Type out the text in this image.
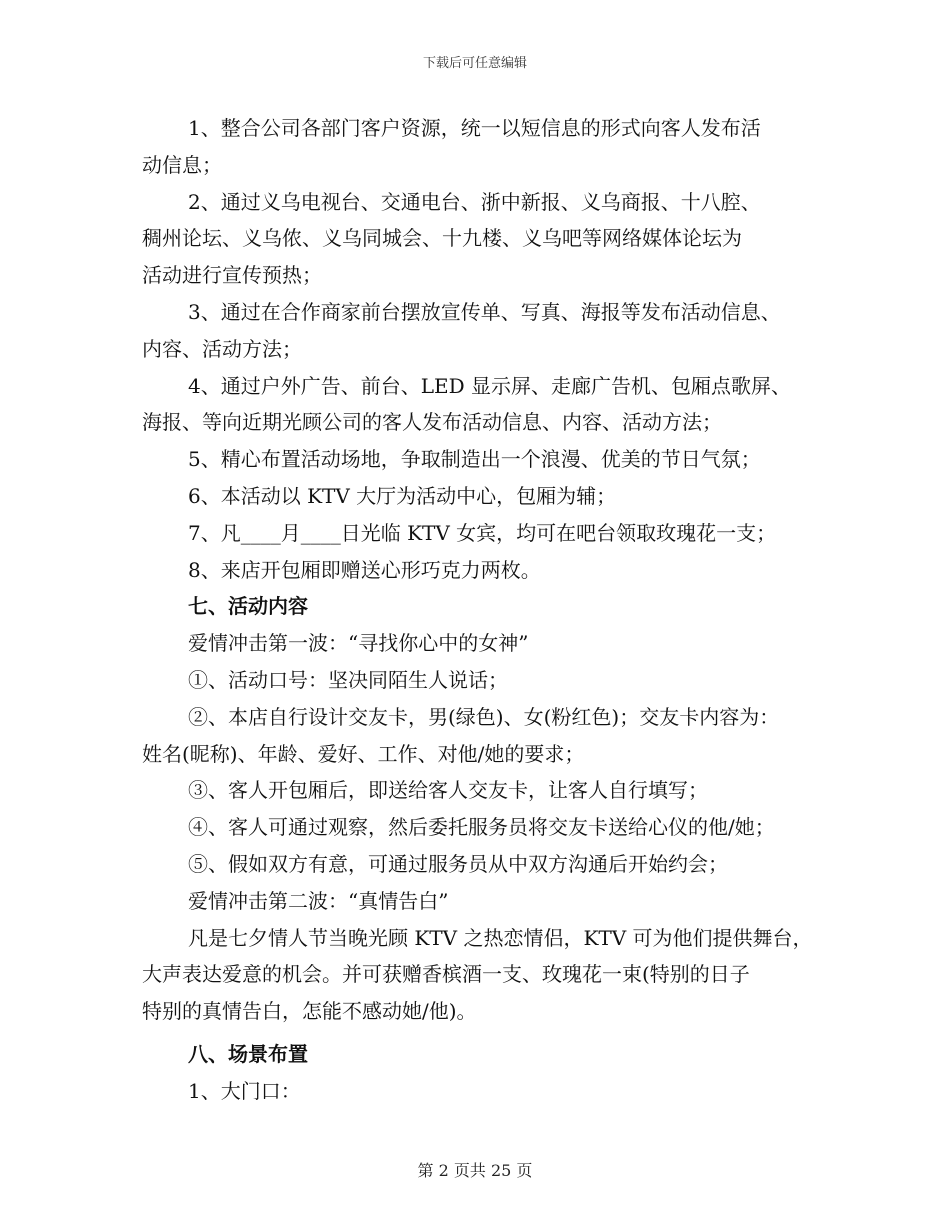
下载后可任意编辑
1、整合公司各部门客户资源，统一以短信息的形式向客人发布活
动信息；
2、通过义乌电视台、交通电台、浙中新报、义乌商报、十八腔、
稠州论坛、义乌侬、义乌同城会、十九楼、义乌吧等网络媒体论坛为
活动进行宣传预热；
3、通过在合作商家前台摆放宣传单、写真、海报等发布活动信息、
内容、活动方法；
4、通过户外广告、前台、LED 显示屏、走廊广告机、包厢点歌屏、
海报、等向近期光顾公司的客人发布活动信息、内容、活动方法；
5、精心布置活动场地，争取制造出一个浪漫、优美的节日气氛；
6、本活动以 KTV 大厅为活动中心，包厢为辅；
7、凡____月____日光临 KTV 女宾，均可在吧台领取玫瑰花一支；
8、来店开包厢即赠送心形巧克力两枚。
七、活动内容
爱情冲击第一波：“寻找你心中的女神”
①、活动口号：坚决同陌生人说话；
②、本店自行设计交友卡，男(绿色)、女(粉红色)；交友卡内容为：
姓名(昵称)、年龄、爱好、工作、对他/她的要求；
③、客人开包厢后，即送给客人交友卡，让客人自行填写；
④、客人可通过观察，然后委托服务员将交友卡送给心仪的他/她；
⑤、假如双方有意，可通过服务员从中双方沟通后开始约会；
爱情冲击第二波：“真情告白”
凡是七夕情人节当晚光顾 KTV 之热恋情侣，KTV 可为他们提供舞台，
大声表达爱意的机会。并可获赠香槟酒一支、玫瑰花一束(特别的日子
特别的真情告白，怎能不感动她/他)。
八、场景布置
1、大门口：
第 2 页共 25 页
